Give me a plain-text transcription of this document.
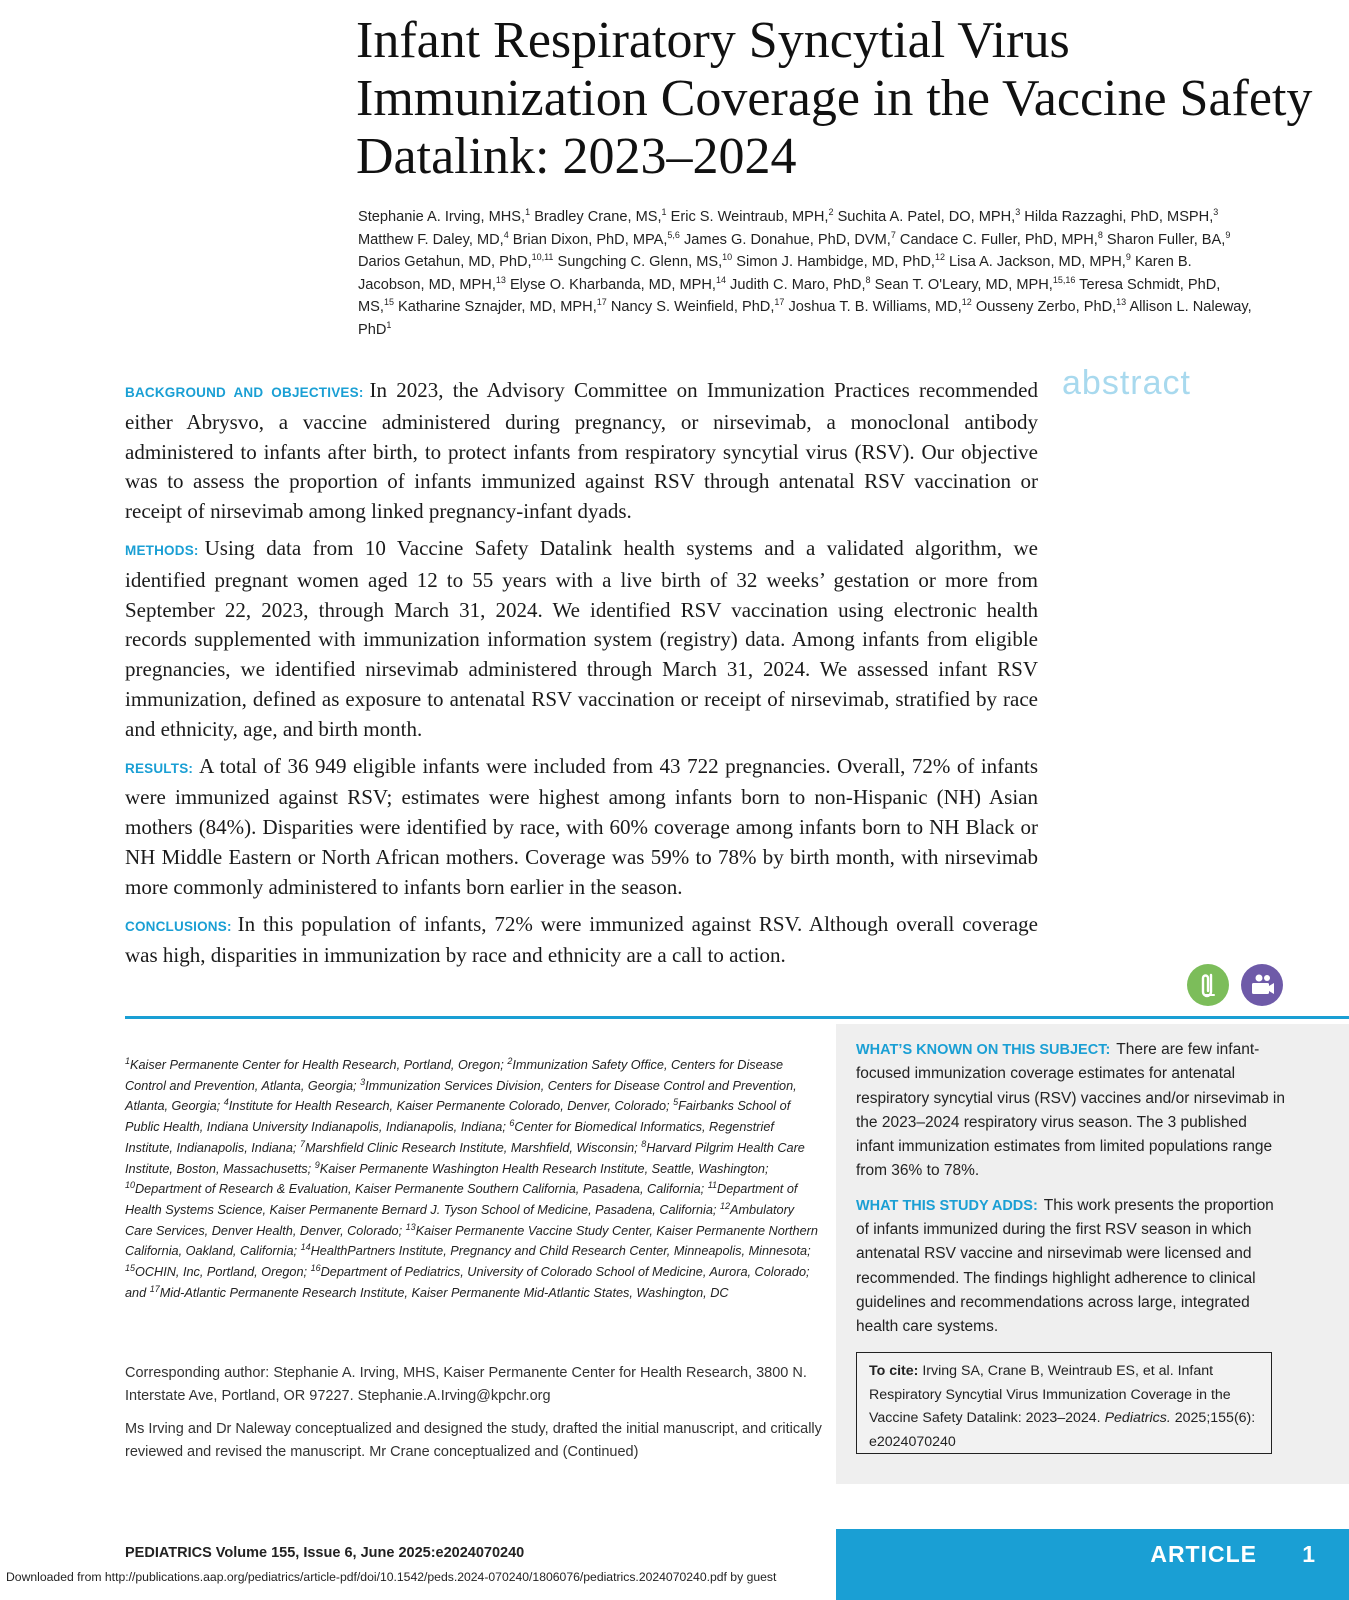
Infant Respiratory Syncytial Virus Immunization Coverage in the Vaccine Safety Datalink: 2023–2024
Stephanie A. Irving, MHS,$^1$ Bradley Crane, MS,$^1$ Eric S. Weintraub, MPH,$^2$ Suchita A. Patel, DO, MPH,$^3$ Hilda Razzaghi, PhD, MSPH,$^3$ Matthew F. Daley, MD,$^4$ Brian Dixon, PhD, MPA,$^{5,6}$ James G. Donahue, PhD, DVM,$^7$ Candace C. Fuller, PhD, MPH,$^8$ Sharon Fuller, BA,$^9$ Darios Getahun, MD, PhD,$^{10,11}$ Sungching C. Glenn, MS,$^{10}$ Simon J. Hambidge, MD, PhD,$^{12}$ Lisa A. Jackson, MD, MPH,$^9$ Karen B. Jacobson, MD, MPH,$^{13}$ Elyse O. Kharbanda, MD, MPH,$^{14}$ Judith C. Maro, PhD,$^8$ Sean T. O'Leary, MD, MPH,$^{15,16}$ Teresa Schmidt, PhD, MS,$^{15}$ Katharine Sznajder, MD, MPH,$^{17}$ Nancy S. Weinfield, PhD,$^{17}$ Joshua T. B. Williams, MD,$^{12}$ Ousseny Zerbo, PhD,$^{13}$ Allison L. Naleway, PhD$^1$
abstract

BACKGROUND AND OBJECTIVES: In 2023, the Advisory Committee on Immunization Practices recommended either Abrysvo, a vaccine administered during pregnancy, or nirsevimab, a monoclonal antibody administered to infants after birth, to protect infants from respiratory syncytial virus (RSV). Our objective was to assess the proportion of infants immunized against RSV through antenatal RSV vaccination or receipt of nirsevimab among linked pregnancy-infant dyads.

METHODS: Using data from 10 Vaccine Safety Datalink health systems and a validated algorithm, we identified pregnant women aged 12 to 55 years with a live birth of 32 weeks’ gestation or more from September 22, 2023, through March 31, 2024. We identified RSV vaccination using electronic health records supplemented with immunization information system (registry) data. Among infants from eligible pregnancies, we identified nirsevimab administered through March 31, 2024. We assessed infant RSV immunization, defined as exposure to antenatal RSV vaccination or receipt of nirsevimab, stratified by race and ethnicity, age, and birth month.

RESULTS: A total of 36 949 eligible infants were included from 43 722 pregnancies. Overall, 72% of infants were immunized against RSV; estimates were highest among infants born to non-Hispanic (NH) Asian mothers (84%). Disparities were identified by race, with 60% coverage among infants born to NH Black or NH Middle Eastern or North African mothers. Coverage was 59% to 78% by birth month, with nirsevimab more commonly administered to infants born earlier in the season.

CONCLUSIONS: In this population of infants, 72% were immunized against RSV. Although overall coverage was high, disparities in immunization by race and ethnicity are a call to action.

$^1$Kaiser Permanente Center for Health Research, Portland, Oregon; $^2$Immunization Safety Office, Centers for Disease Control and Prevention, Atlanta, Georgia; $^3$Immunization Services Division, Centers for Disease Control and Prevention, Atlanta, Georgia; $^4$Institute for Health Research, Kaiser Permanente Colorado, Denver, Colorado; $^5$Fairbanks School of Public Health, Indiana University Indianapolis, Indianapolis, Indiana; $^6$Center for Biomedical Informatics, Regenstrief Institute, Indianapolis, Indiana; $^7$Marshfield Clinic Research Institute, Marshfield, Wisconsin; $^8$Harvard Pilgrim Health Care Institute, Boston, Massachusetts; $^9$Kaiser Permanente Washington Health Research Institute, Seattle, Washington; $^{10}$Department of Research & Evaluation, Kaiser Permanente Southern California, Pasadena, California; $^{11}$Department of Health Systems Science, Kaiser Permanente Bernard J. Tyson School of Medicine, Pasadena, California; $^{12}$Ambulatory Care Services, Denver Health, Denver, Colorado; $^{13}$Kaiser Permanente Vaccine Study Center, Kaiser Permanente Northern California, Oakland, California; $^{14}$HealthPartners Institute, Pregnancy and Child Research Center, Minneapolis, Minnesota; $^{15}$OCHIN, Inc, Portland, Oregon; $^{16}$Department of Pediatrics, University of Colorado School of Medicine, Aurora, Colorado; and $^{17}$Mid-Atlantic Permanente Research Institute, Kaiser Permanente Mid-Atlantic States, Washington, DC
Corresponding author: Stephanie A. Irving, MHS, Kaiser Permanente Center for Health Research, 3800 N. Interstate Ave, Portland, OR 97227. Stephanie.A.Irving@kpchr.org
Ms Irving and Dr Naleway conceptualized and designed the study, drafted the initial manuscript, and critically reviewed and revised the manuscript. Mr Crane conceptualized and (Continued)

WHAT’S KNOWN ON THIS SUBJECT: There are few infant-focused immunization coverage estimates for antenatal respiratory syncytial virus (RSV) vaccines and/or nirsevimab in the 2023–2024 respiratory virus season. The 3 published infant immunization estimates from limited populations range from 36% to 78%.

WHAT THIS STUDY ADDS: This work presents the proportion of infants immunized during the first RSV season in which antenatal RSV vaccine and nirsevimab were licensed and recommended. The findings highlight adherence to clinical guidelines and recommendations across large, integrated health care systems.

To cite: Irving SA, Crane B, Weintraub ES, et al. Infant Respiratory Syncytial Virus Immunization Coverage in the Vaccine Safety Datalink: 2023–2024. Pediatrics. 2025;155(6): e2024070240
PEDIATRICS Volume 155, Issue 6, June 2025:e2024070240	ARTICLE 1
Downloaded from http://publications.aap.org/pediatrics/article-pdf/doi/10.1542/peds.2024-070240/1806076/pediatrics.2024070240.pdf by guest
